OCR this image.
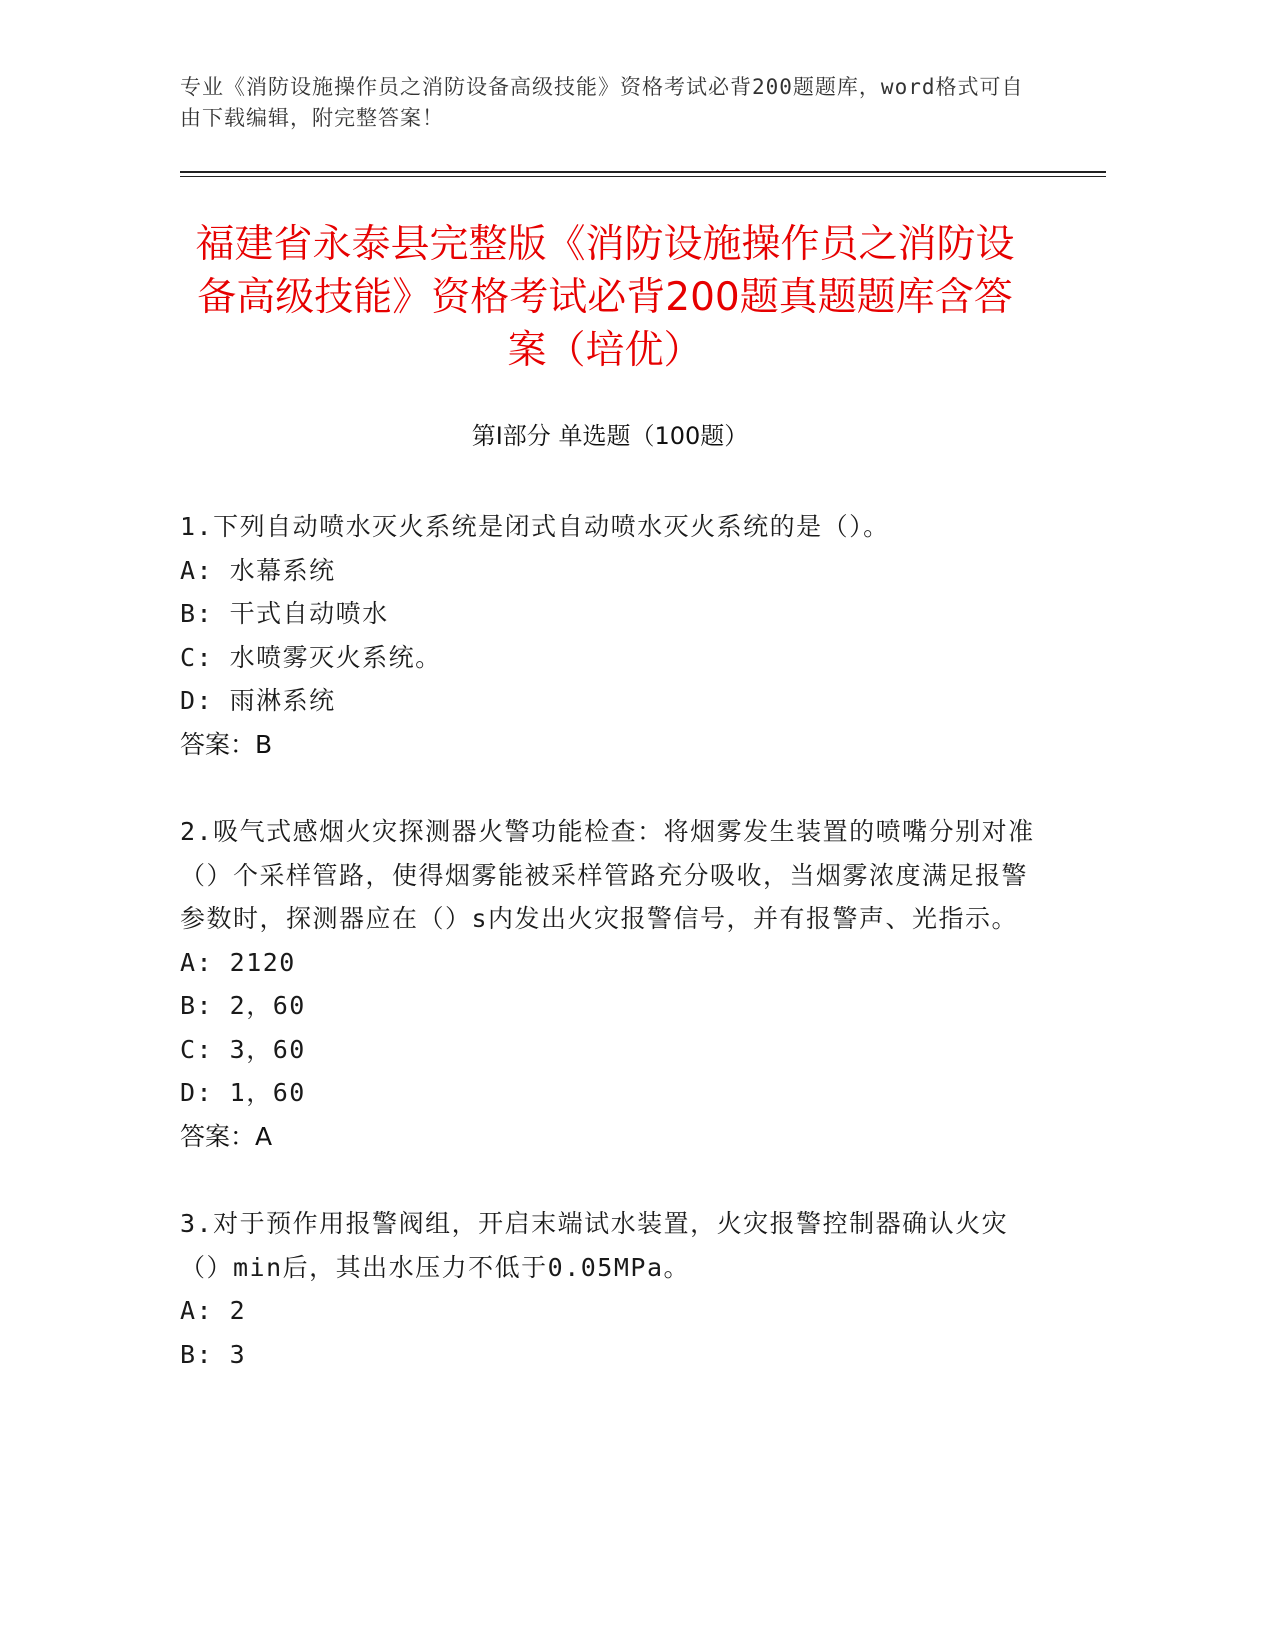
专业《消防设施操作员之消防设备高级技能》资格考试必背200题题库，word格式可自由下载编辑，附完整答案！
福建省永泰县完整版《消防设施操作员之消防设备高级技能》资格考试必背200题真题题库含答案（培优）
第Ⅰ部分 单选题（100题）
1.下列自动喷水灭火系统是闭式自动喷水灭火系统的是（）。
A: 水幕系统
B: 干式自动喷水
C: 水喷雾灭火系统。
D: 雨淋系统
答案：B
2.吸气式感烟火灾探测器火警功能检查：将烟雾发生装置的喷嘴分别对准（）个采样管路，使得烟雾能被采样管路充分吸收，当烟雾浓度满足报警参数时，探测器应在（）s内发出火灾报警信号，并有报警声、光指示。
A: 2120
B: 2，60
C: 3，60
D: 1，60
答案：A
3.对于预作用报警阀组，开启末端试水装置，火灾报警控制器确认火灾（）min后，其出水压力不低于0.05MPa。
A: 2
B: 3
